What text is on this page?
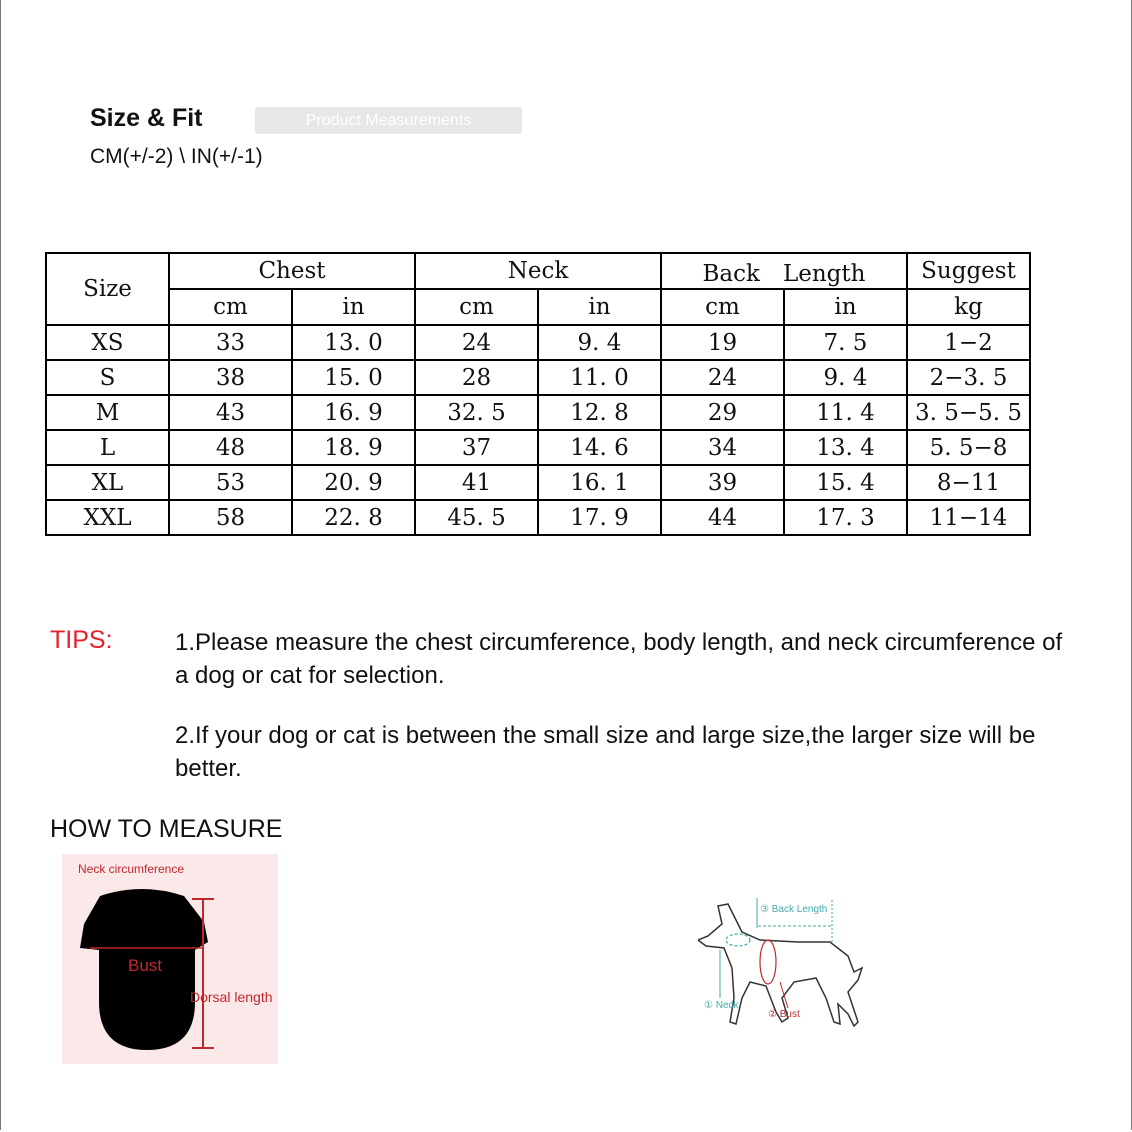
Size & Fit	Product Measurements
CM(+/-2) \ IN(+/-1)
Size	Chest		Neck		Back　Length		Suggest
	cm	in	cm	in	cm	in	kg
XS	33	13. 0	24	9. 4	19	7. 5	1−2
S	38	15. 0	28	11. 0	24	9. 4	2−3. 5
M	43	16. 9	32. 5	12. 8	29	11. 4	3. 5−5. 5
L	48	18. 9	37	14. 6	34	13. 4	5. 5−8
XL	53	20. 9	41	16. 1	39	15. 4	8−11
XXL	58	22. 8	45. 5	17. 9	44	17. 3	11−14
TIPS:	1.Please measure the chest circumference, body length, and neck circumference of a dog or cat for selection.
2.If your dog or cat is between the small size and large size,the larger size will be better.
HOW TO MEASURE
Neck circumference
Bust
Dorsal length
③ Back Length
① Neck
② Bust
